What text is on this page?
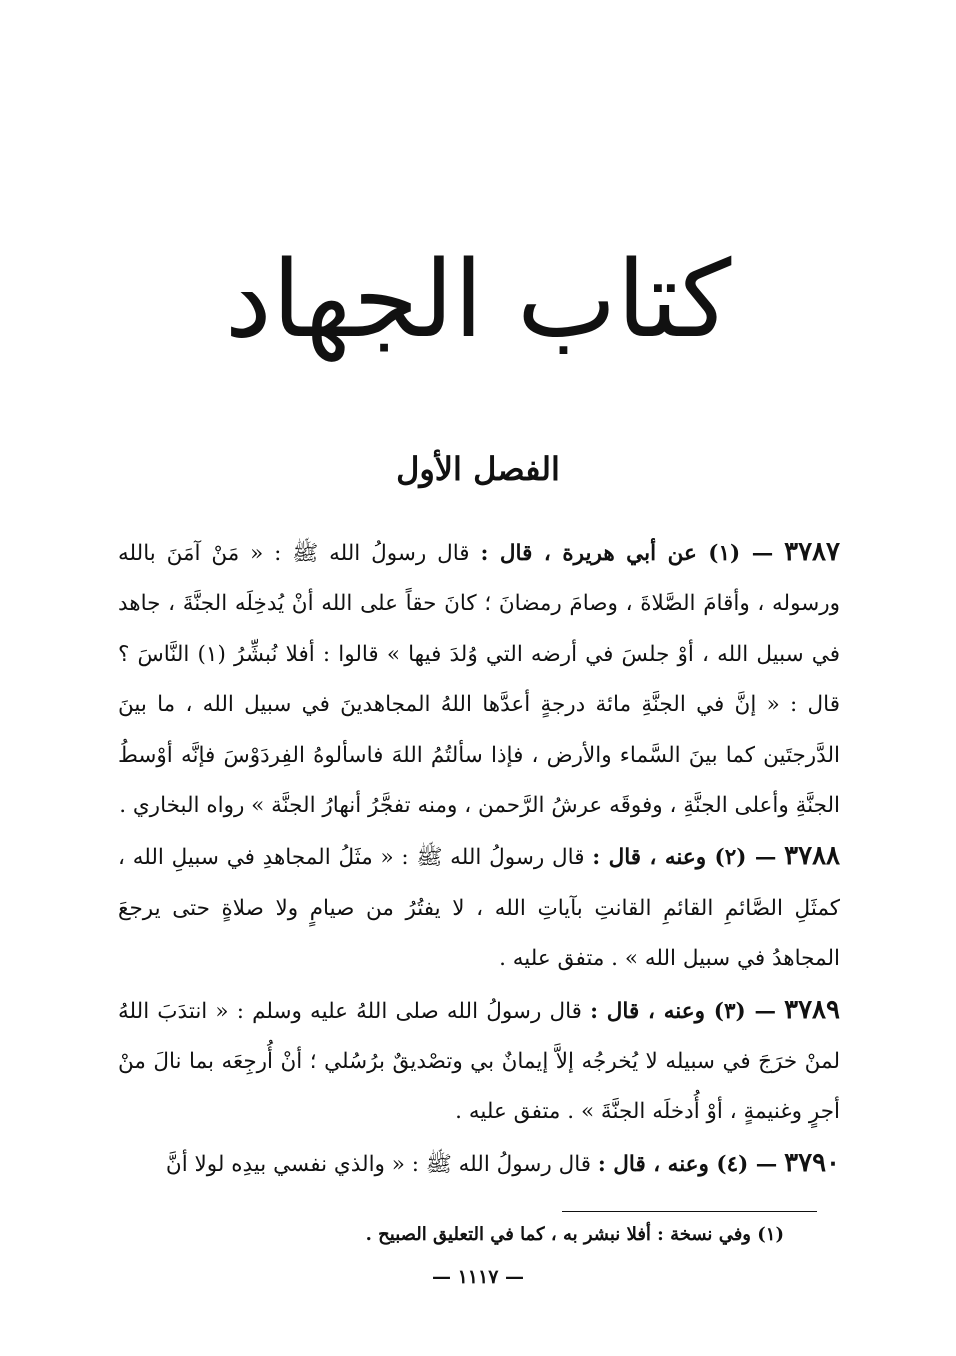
كتاب الجهاد
الفصل الأول

٣٧٨٧ — (١) عن أبي هريرة ، قال : قال رسولُ الله ﷺ : « مَنْ آمَنَ بالله ورسوله ، وأقامَ الصَّلاةَ ، وصامَ رمضانَ ؛ كانَ حقاً على الله أنْ يُدخِلَه الجنَّةَ ، جاهد في سبيل الله ، أوْ جلسَ في أرضه التي وُلدَ فيها » قالوا : أفلا نُبشِّرُ (١) النَّاسَ ؟ قال : « إنَّ في الجنَّةِ مائة درجةٍ أعدَّها اللهُ المجاهدينَ في سبيل الله ، ما بينَ الدَّرجتَين كما بينَ السَّماء والأرض ، فإذا سألتُمُ اللهَ فاسألوهُ الفِردَوْسَ فإنَّه أوْسطُ الجنَّةِ وأعلى الجنَّةِ ، وفوقَه عرشُ الرَّحمن ، ومنه تفجَّرُ أنهارُ الجنَّة » رواه البخاري .

٣٧٨٨ — (٢) وعنه ، قال : قال رسولُ الله ﷺ : « مثَلُ المجاهدِ في سبيلِ الله ، كمثَلِ الصَّائمِ القائمِ القانتِ بآياتِ الله ، لا يفتُرُ من صيامٍ ولا صلاةٍ حتى يرجعَ المجاهدُ في سبيل الله » . متفق عليه .

٣٧٨٩ — (٣) وعنه ، قال : قال رسولُ الله صلى اللهُ عليه وسلم : « انتدَبَ اللهُ لمنْ خرَجَ في سبيله لا يُخرجُه إلاَّ إيمانٌ بي وتصْديقٌ برُسُلي ؛ أنْ أُرجِعَه بما نالَ منْ أجرٍ وغنيمةٍ ، أوْ أُدخلَه الجنَّةَ » . متفق عليه .

٣٧٩٠ — (٤) وعنه ، قال : قال رسولُ الله ﷺ : « والذي نفسي بيدِه لولا أنَّ

(١) وفي نسخة : أفلا نبشر به ، كما في التعليق الصبيح .
— ١١١٧ —
